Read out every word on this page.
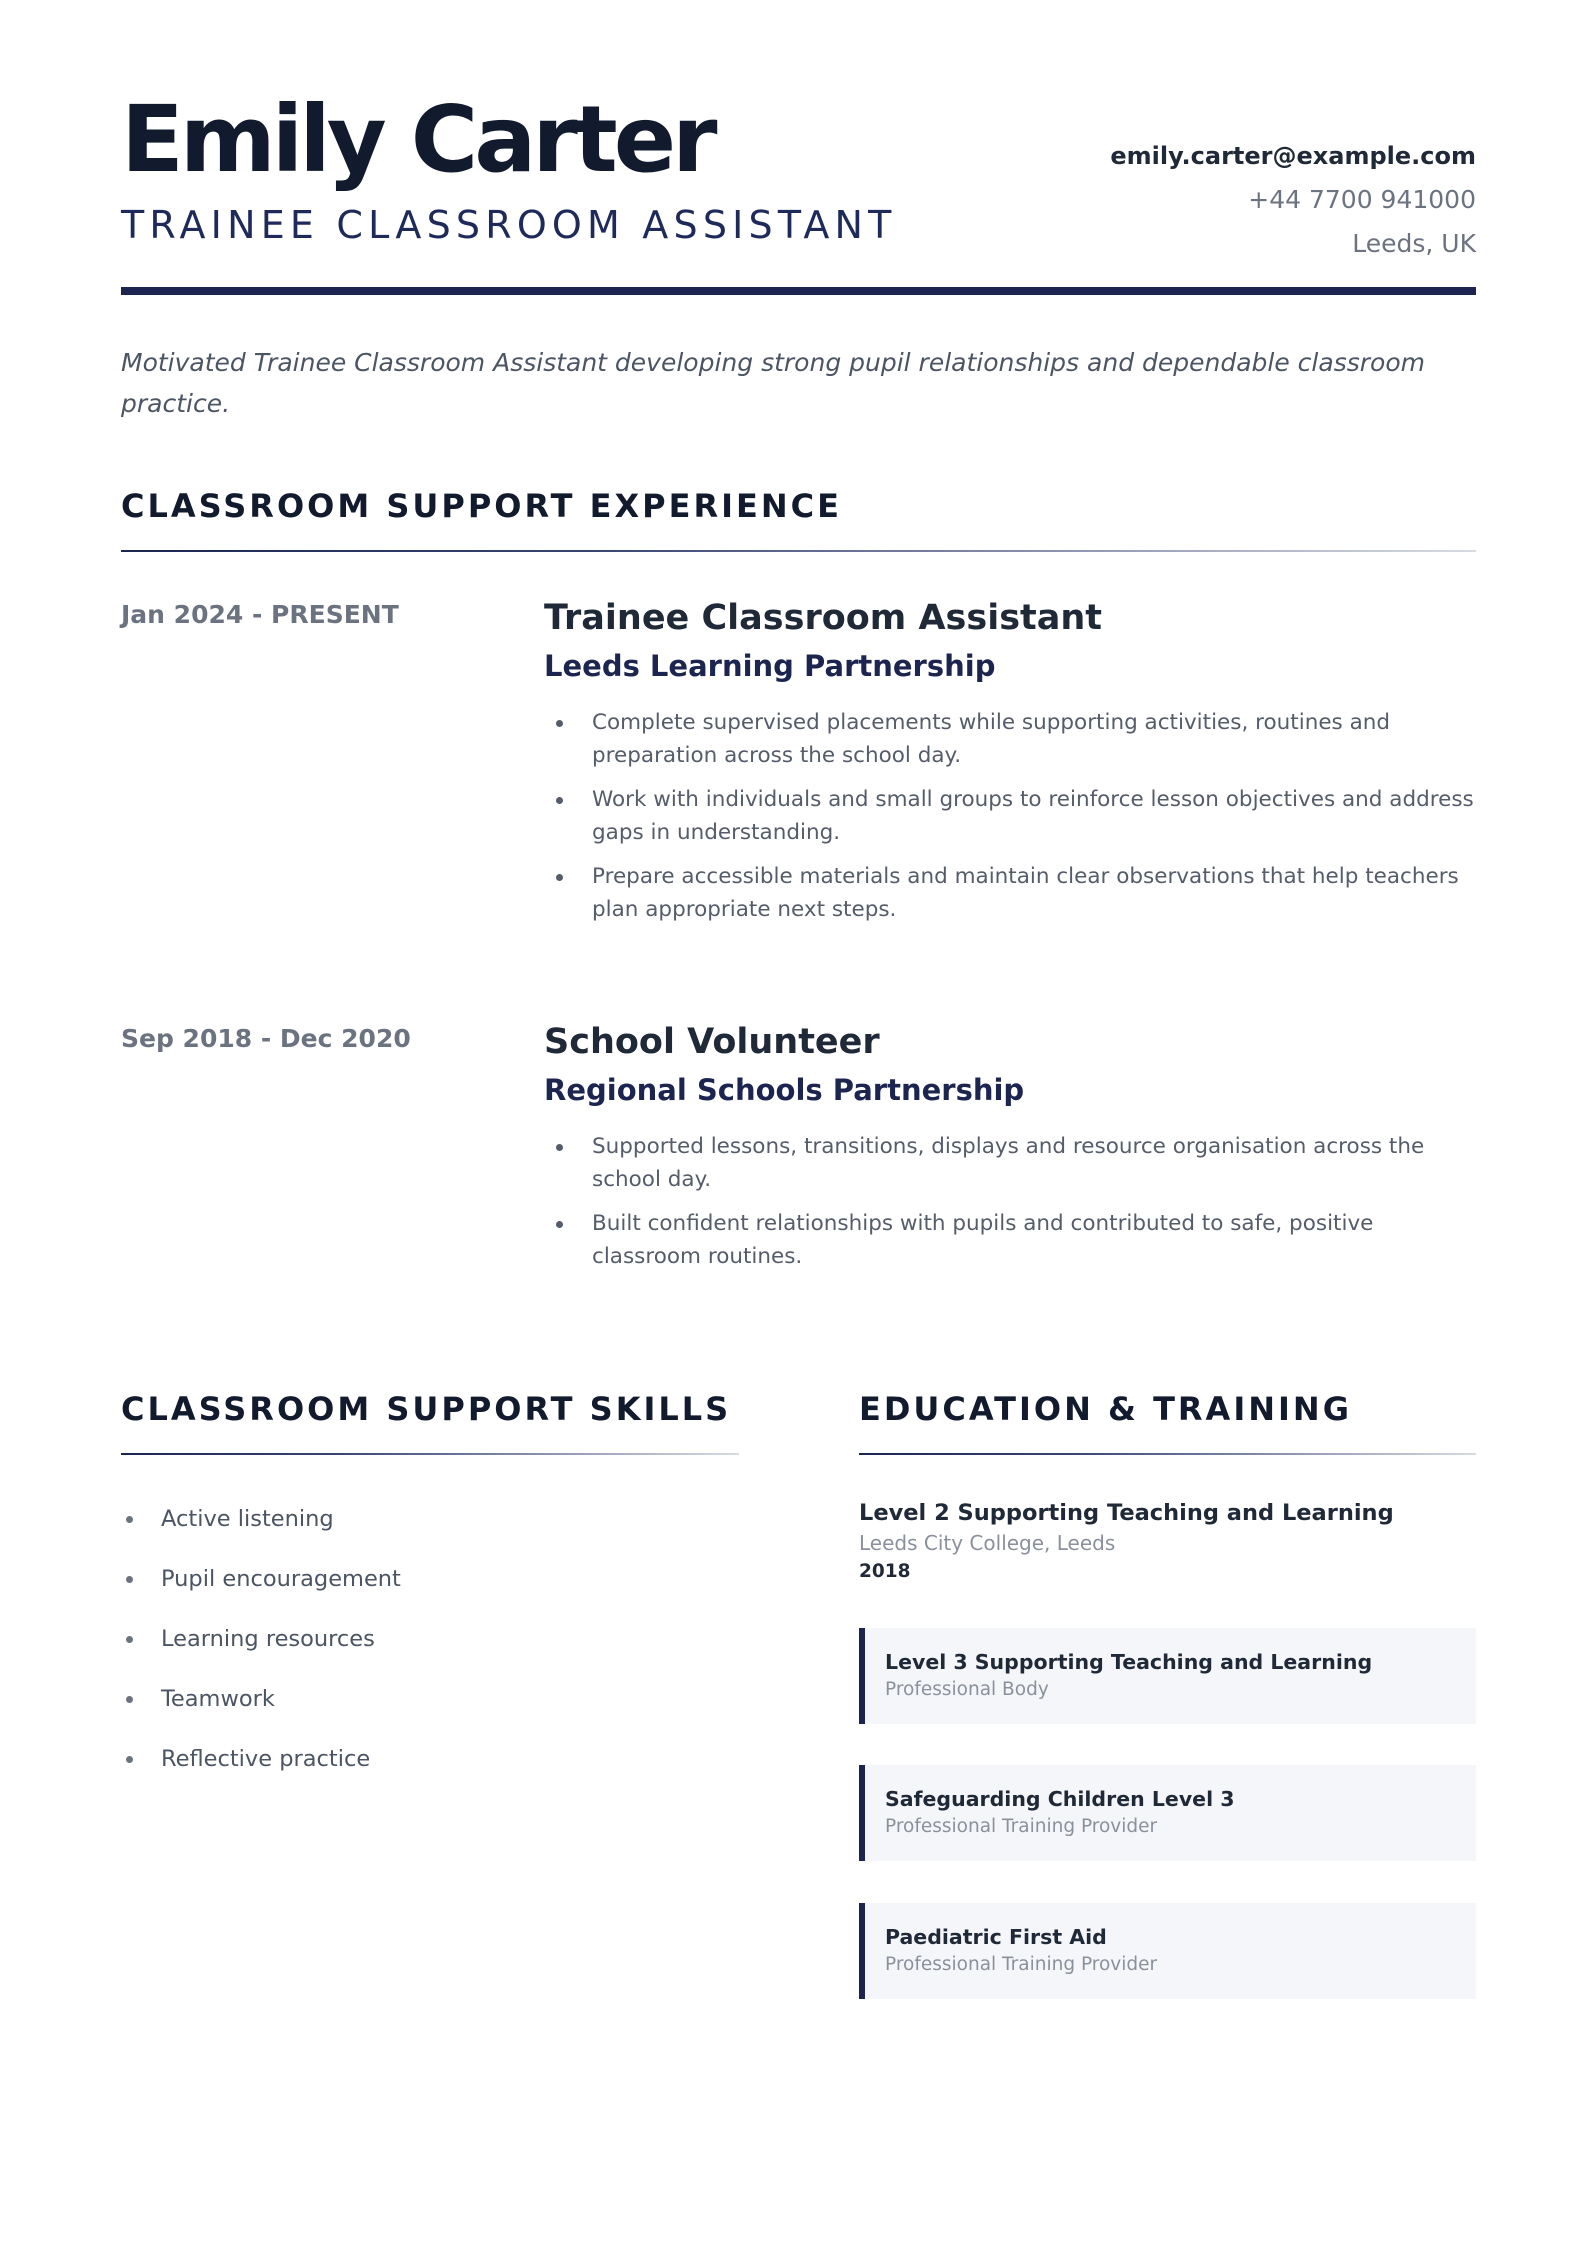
Emily Carter
TRAINEE CLASSROOM ASSISTANT
emily.carter@example.com
+44 7700 941000
Leeds, UK

Motivated Trainee Classroom Assistant developing strong pupil relationships and dependable classroom practice.

CLASSROOM SUPPORT EXPERIENCE
Jan 2024 - PRESENT	Trainee Classroom Assistant
Leeds Learning Partnership
Complete supervised placements while supporting activities, routines and preparation across the school day.
Work with individuals and small groups to reinforce lesson objectives and address gaps in understanding.
Prepare accessible materials and maintain clear observations that help teachers plan appropriate next steps.
Sep 2018 - Dec 2020	School Volunteer
Regional Schools Partnership
Supported lessons, transitions, displays and resource organisation across the school day.
Built confident relationships with pupils and contributed to safe, positive classroom routines.
CLASSROOM SUPPORT SKILLS
Active listening
Pupil encouragement
Learning resources
Teamwork
Reflective practice
EDUCATION & TRAINING
Level 2 Supporting Teaching and Learning
Leeds City College, Leeds
2018
Level 3 Supporting Teaching and Learning
Professional Body
Safeguarding Children Level 3
Professional Training Provider
Paediatric First Aid
Professional Training Provider
